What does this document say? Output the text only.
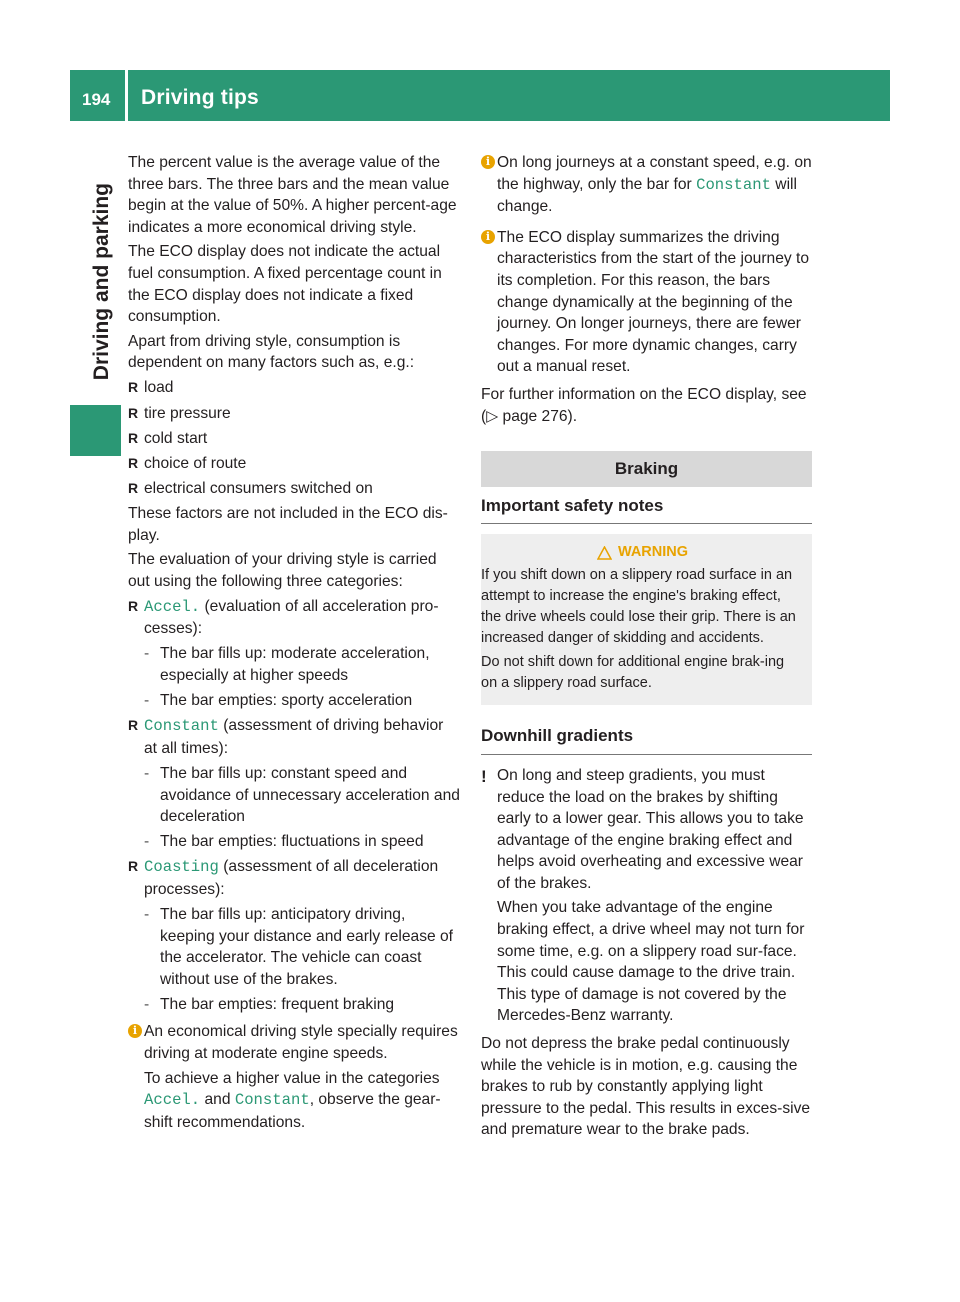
194 Driving tips
Driving and parking

The percent value is the average value of the three bars. The three bars and the mean value begin at the value of 50%. A higher percent-age indicates a more economical driving style.

The ECO display does not indicate the actual fuel consumption. A fixed percentage count in the ECO display does not indicate a fixed consumption.

Apart from driving style, consumption is dependent on many factors such as, e.g.:

R load
R tire pressure
R cold start
R choice of route
R electrical consumers switched on

These factors are not included in the ECO dis-play.

The evaluation of your driving style is carried out using the following three categories:

R Accel. (evaluation of all acceleration pro-cesses):
- The bar fills up: moderate acceleration, especially at higher speeds
- The bar empties: sporty acceleration
R Constant (assessment of driving behavior at all times):
- The bar fills up: constant speed and avoidance of unnecessary acceleration and deceleration
- The bar empties: fluctuations in speed
R Coasting (assessment of all deceleration processes):
- The bar fills up: anticipatory driving, keeping your distance and early release of the accelerator. The vehicle can coast without use of the brakes.
- The bar empties: frequent braking
i An economical driving style specially requires driving at moderate engine speeds.

To achieve a higher value in the categories Accel. and Constant, observe the gear-shift recommendations.

i On long journeys at a constant speed, e.g. on the highway, only the bar for Constant will change.

i The ECO display summarizes the driving characteristics from the start of the journey to its completion. For this reason, the bars change dynamically at the beginning of the journey. On longer journeys, there are fewer changes. For more dynamic changes, carry out a manual reset.

For further information on the ECO display, see (▷ page 276).

Braking
Important safety notes
WARNING

If you shift down on a slippery road surface in an attempt to increase the engine's braking effect, the drive wheels could lose their grip. There is an increased danger of skidding and accidents.

Do not shift down for additional engine brak-ing on a slippery road surface.

Downhill gradients
! On long and steep gradients, you must reduce the load on the brakes by shifting early to a lower gear. This allows you to take advantage of the engine braking effect and helps avoid overheating and excessive wear of the brakes.

When you take advantage of the engine braking effect, a drive wheel may not turn for some time, e.g. on a slippery road sur-face. This could cause damage to the drive train. This type of damage is not covered by the Mercedes-Benz warranty.

Do not depress the brake pedal continuously while the vehicle is in motion, e.g. causing the brakes to rub by constantly applying light pressure to the pedal. This results in exces-sive and premature wear to the brake pads.
